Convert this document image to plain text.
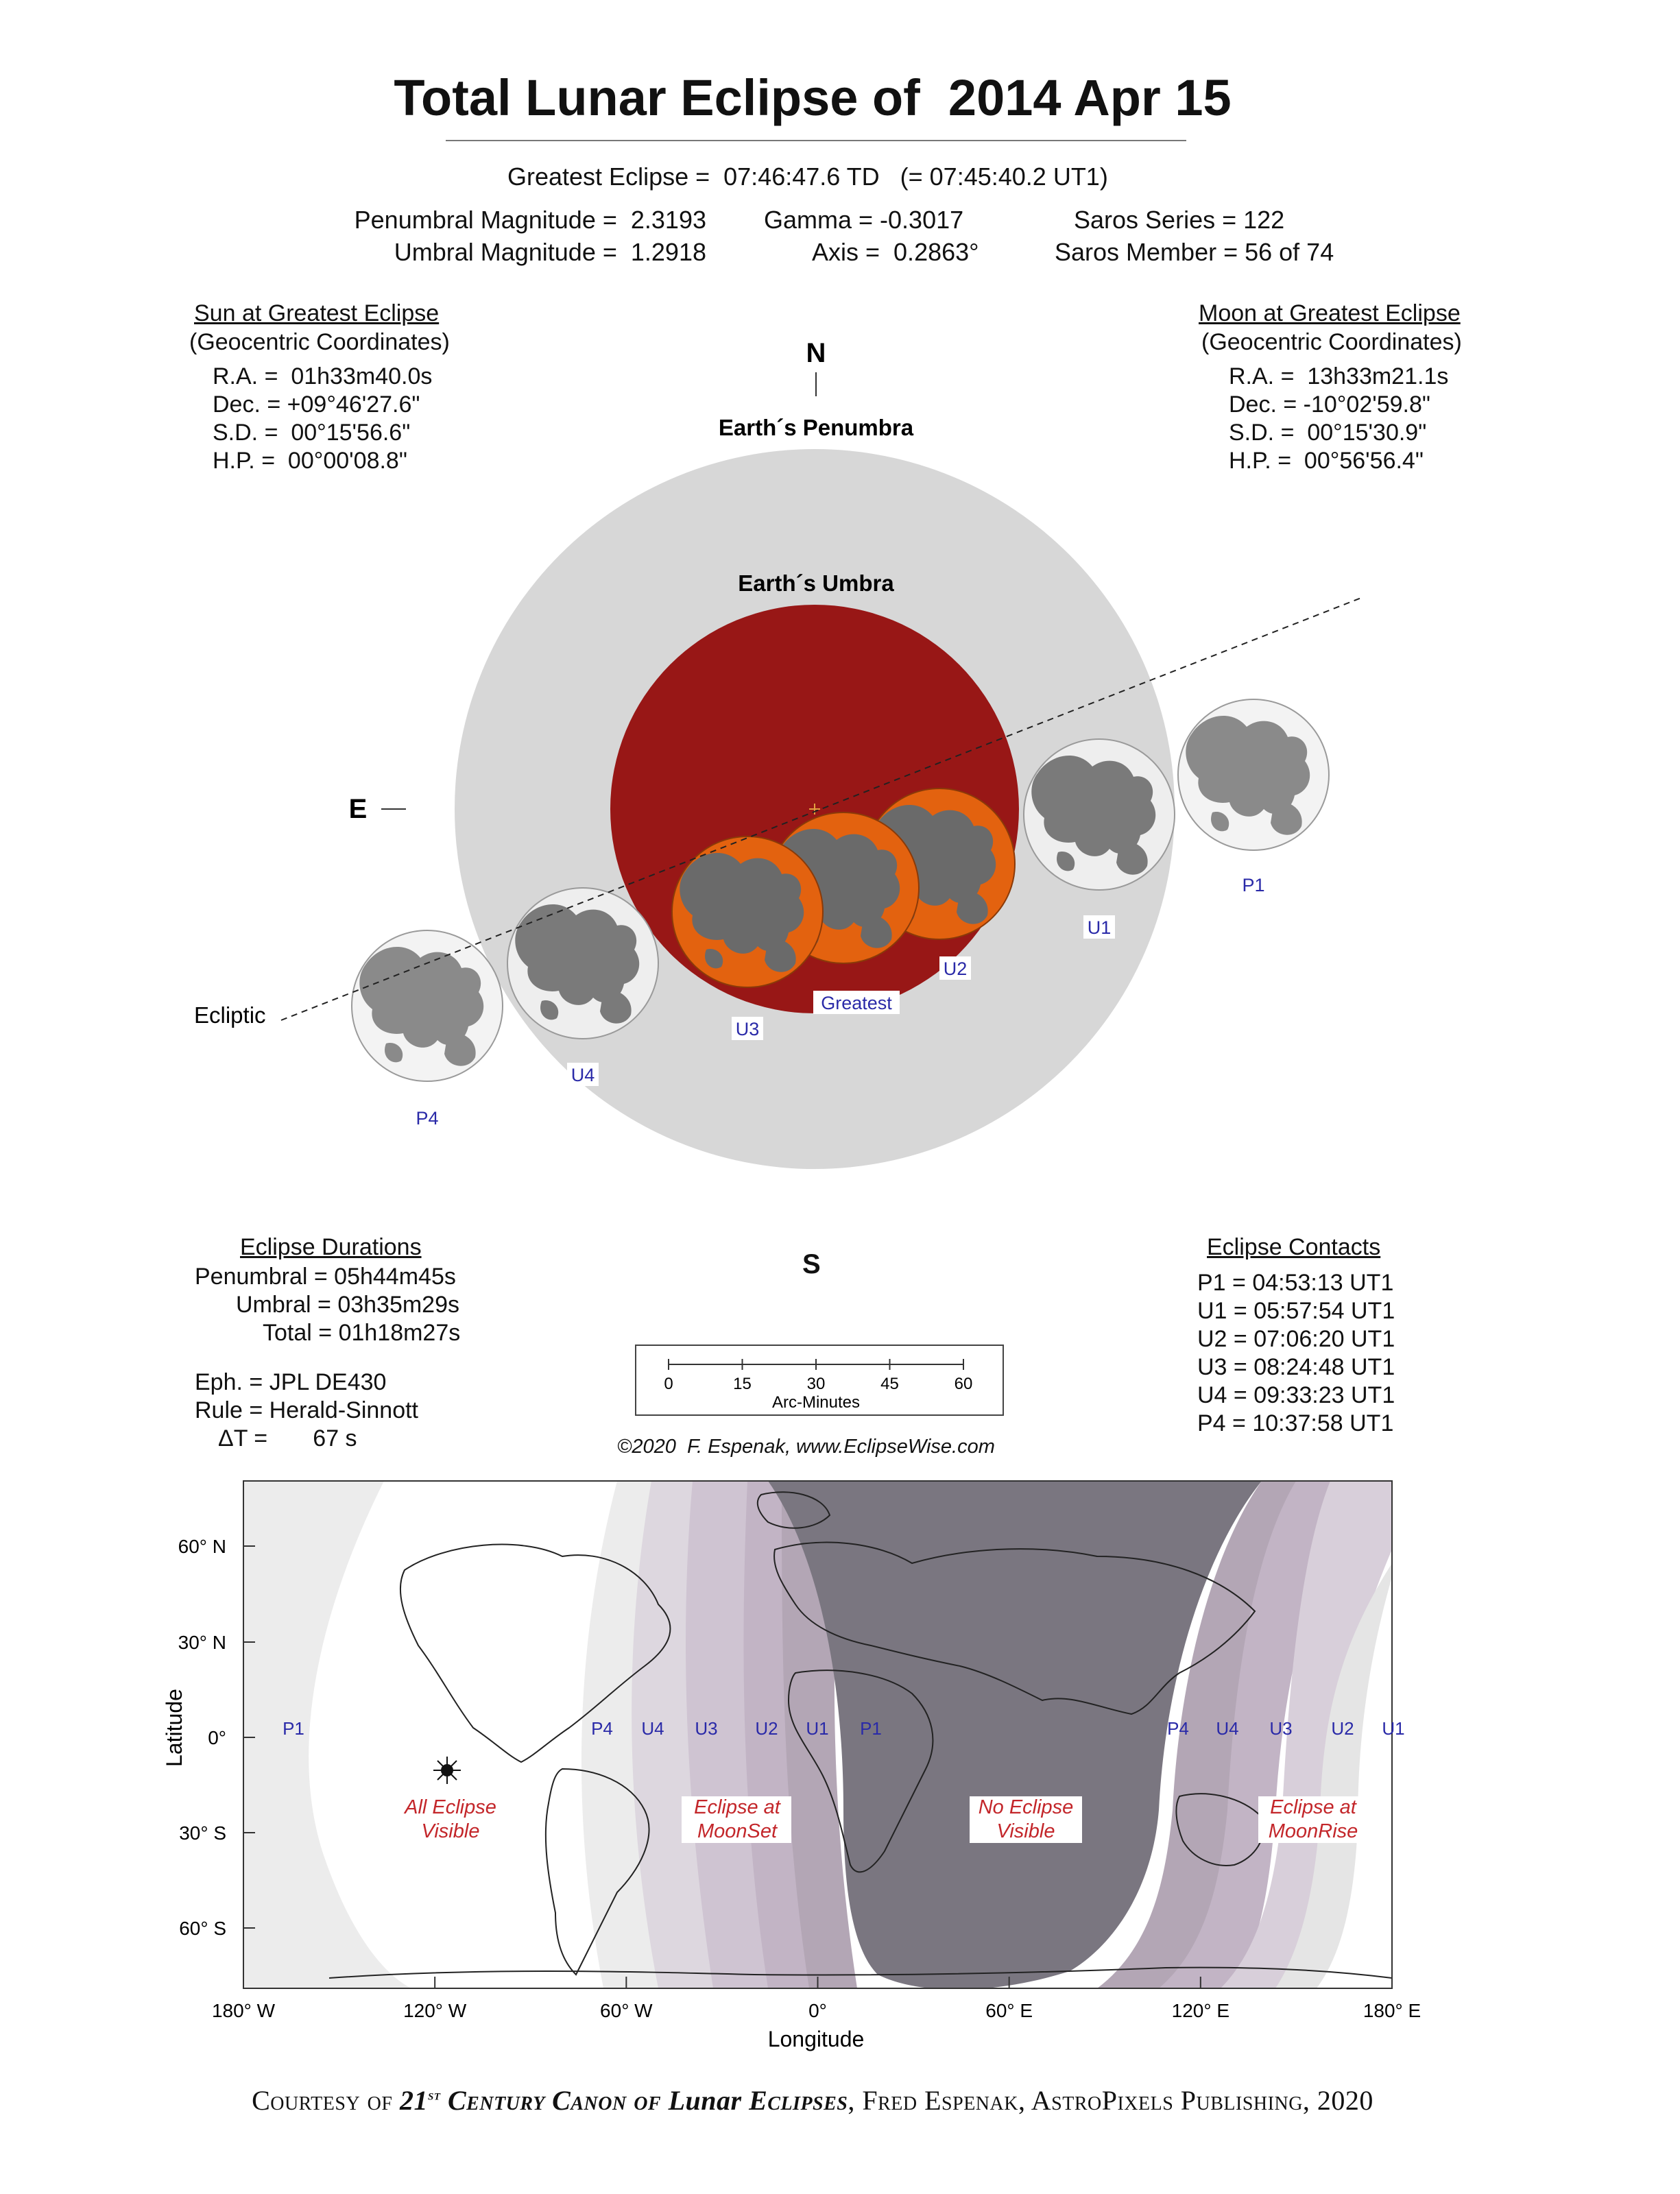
Total Lunar Eclipse of  2014 Apr 15
Greatest Eclipse =  07:46:47.6 TD   (= 07:45:40.2 UT1)
Penumbral Magnitude =  2.3193
Umbral Magnitude =  1.2918
Gamma = -0.3017
Axis =  0.2863°
Saros Series = 122
Saros Member = 56 of 74
Sun at Greatest Eclipse
(Geocentric Coordinates)
R.A. =  01h33m40.0s
Dec. = +09°46'27.6"
S.D. =  00°15'56.6"
H.P. =  00°00'08.8"
Moon at Greatest Eclipse
(Geocentric Coordinates)
R.A. =  13h33m21.1s
Dec. = -10°02'59.8"
S.D. =  00°15'30.9"
H.P. =  00°56'56.4"
N
Earth´s Penumbra
Earth´s Umbra
E
Ecliptic
P1
U1
U2
Greatest
U3
U4
P4
S
Eclipse Durations
Penumbral = 05h44m45s
Umbral = 03h35m29s
Total = 01h18m27s
Eph. = JPL DE430
Rule = Herald-Sinnott
ΔT =       67 s
Eclipse Contacts
P1 = 04:53:13 UT1
U1 = 05:57:54 UT1
U2 = 07:06:20 UT1
U3 = 08:24:48 UT1
U4 = 09:33:23 UT1
P4 = 10:37:58 UT1
0	15	30	45	60
Arc-Minutes
©2020  F. Espenak, www.EclipseWise.com
60° N
30° N
0°
30° S
60° S
180° W	120° W	60° W	0°	60° E	120° E	180° E
Latitude
Longitude
P1	P4 U4 U3 U2 U1 P1	P4 U4 U3 U2 U1
All Eclipse
Visible
Eclipse at
MoonSet
No Eclipse
Visible
Eclipse at
MoonRise
Courtesy of 21st Century Canon of Lunar Eclipses, Fred Espenak, AstroPixels Publishing, 2020
